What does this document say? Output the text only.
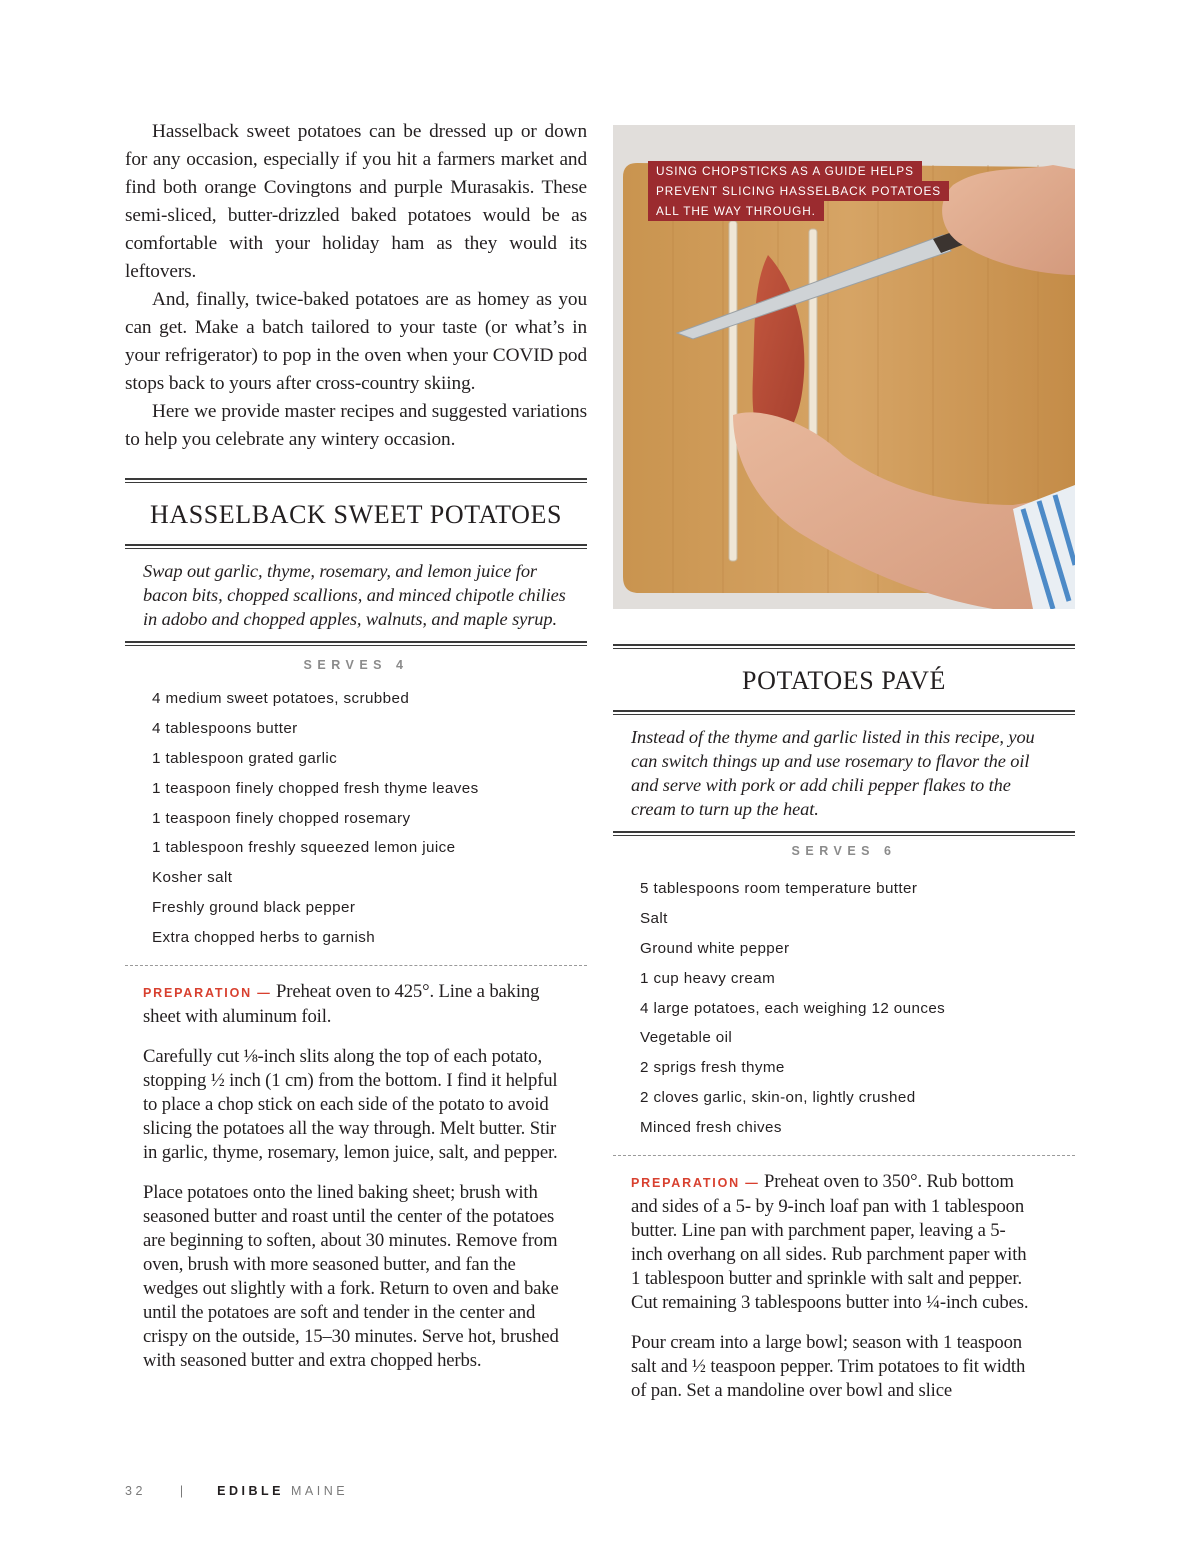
Hasselback sweet potatoes can be dressed up or down for any occasion, especially if you hit a farmers market and find both orange Covingtons and purple Murasakis. These semi-sliced, butter-drizzled baked potatoes would be as comfortable with your holiday ham as they would its leftovers.

And, finally, twice-baked potatoes are as homey as you can get. Make a batch tailored to your taste (or what’s in your refrigerator) to pop in the oven when your COVID pod stops back to yours after cross-country skiing.

Here we provide master recipes and suggested variations to help you celebrate any wintery occasion.

HASSELBACK SWEET POTATOES

Swap out garlic, thyme, rosemary, and lemon juice for bacon bits, chopped scallions, and minced chipotle chilies in adobo and chopped apples, walnuts, and maple syrup.

SERVES 4
4 medium sweet potatoes, scrubbed
4 tablespoons butter
1 tablespoon grated garlic
1 teaspoon finely chopped fresh thyme leaves
1 teaspoon finely chopped rosemary
1 tablespoon freshly squeezed lemon juice
Kosher salt
Freshly ground black pepper
Extra chopped herbs to garnish

PREPARATION — Preheat oven to 425°. Line a baking sheet with aluminum foil.

Carefully cut ⅛-inch slits along the top of each potato, stopping ½ inch (1 cm) from the bottom. I find it helpful to place a chop stick on each side of the potato to avoid slicing the potatoes all the way through. Melt butter. Stir in garlic, thyme, rosemary, lemon juice, salt, and pepper.

Place potatoes onto the lined baking sheet; brush with seasoned butter and roast until the center of the potatoes are beginning to soften, about 30 minutes. Remove from oven, brush with more seasoned butter, and fan the wedges out slightly with a fork. Return to oven and bake until the potatoes are soft and tender in the center and crispy on the outside, 15–30 minutes. Serve hot, brushed with seasoned butter and extra chopped herbs.

USING CHOPSTICKS AS A GUIDE HELPS
PREVENT SLICING HASSELBACK POTATOES
ALL THE WAY THROUGH.
POTATOES PAVÉ

Instead of the thyme and garlic listed in this recipe, you can switch things up and use rosemary to flavor the oil and serve with pork or add chili pepper flakes to the cream to turn up the heat.

SERVES 6
5 tablespoons room temperature butter
Salt
Ground white pepper
1 cup heavy cream
4 large potatoes, each weighing 12 ounces
Vegetable oil
2 sprigs fresh thyme
2 cloves garlic, skin-on, lightly crushed
Minced fresh chives

PREPARATION — Preheat oven to 350°. Rub bottom and sides of a 5- by 9-inch loaf pan with 1 tablespoon butter. Line pan with parchment paper, leaving a 5-inch overhang on all sides. Rub parchment paper with 1 tablespoon butter and sprinkle with salt and pepper. Cut remaining 3 tablespoons butter into ¼-inch cubes.

Pour cream into a large bowl; season with 1 teaspoon salt and ½ teaspoon pepper. Trim potatoes to fit width of pan. Set a mandoline over bowl and slice

32	|	EDIBLE MAINE
